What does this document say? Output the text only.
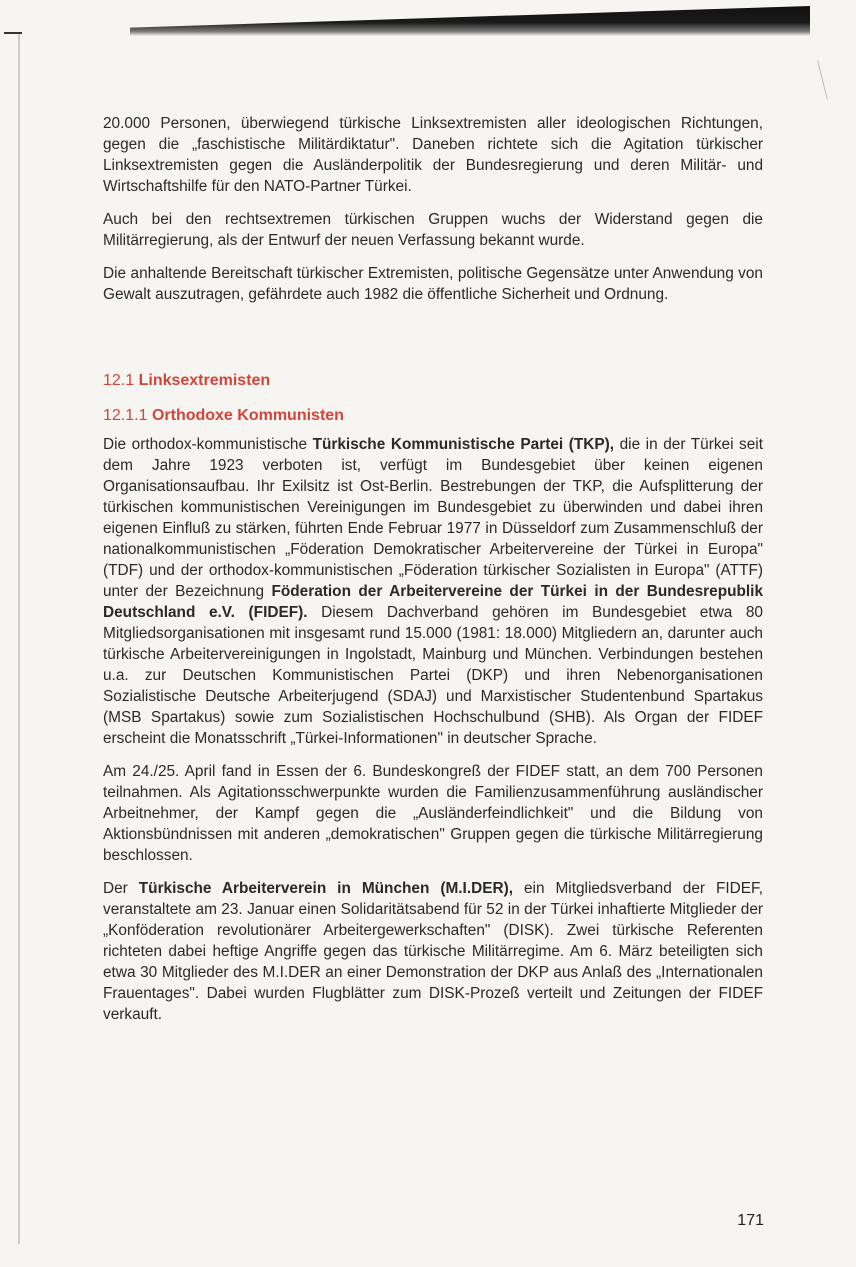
20.000 Personen, überwiegend türkische Linksextremisten aller ideologischen Richtungen, gegen die „faschistische Militärdiktatur". Daneben richtete sich die Agitation türkischer Linksextremisten gegen die Ausländerpolitik der Bundesregierung und deren Militär- und Wirtschaftshilfe für den NATO-Partner Türkei.

Auch bei den rechtsextremen türkischen Gruppen wuchs der Widerstand gegen die Militärregierung, als der Entwurf der neuen Verfassung bekannt wurde.

Die anhaltende Bereitschaft türkischer Extremisten, politische Gegensätze unter Anwendung von Gewalt auszutragen, gefährdete auch 1982 die öffentliche Sicherheit und Ordnung.

12.1 Linksextremisten
12.1.1 Orthodoxe Kommunisten

Die orthodox-kommunistische Türkische Kommunistische Partei (TKP), die in der Türkei seit dem Jahre 1923 verboten ist, verfügt im Bundesgebiet über keinen eigenen Organisationsaufbau. Ihr Exilsitz ist Ost-Berlin. Bestrebungen der TKP, die Aufsplitterung der türkischen kommunistischen Vereinigungen im Bundesgebiet zu überwinden und dabei ihren eigenen Einfluß zu stärken, führten Ende Februar 1977 in Düsseldorf zum Zusammenschluß der nationalkommunistischen „Föderation Demokratischer Arbeitervereine der Türkei in Europa" (TDF) und der orthodox-kommunistischen „Föderation türkischer Sozialisten in Europa" (ATTF) unter der Bezeichnung Föderation der Arbeitervereine der Türkei in der Bundesrepublik Deutschland e.V. (FIDEF). Diesem Dachverband gehören im Bundesgebiet etwa 80 Mitgliedsorganisationen mit insgesamt rund 15.000 (1981: 18.000) Mitgliedern an, darunter auch türkische Arbeitervereinigungen in Ingolstadt, Mainburg und München. Verbindungen bestehen u.a. zur Deutschen Kommunistischen Partei (DKP) und ihren Nebenorganisationen Sozialistische Deutsche Arbeiterjugend (SDAJ) und Marxistischer Studentenbund Spartakus (MSB Spartakus) sowie zum Sozialistischen Hochschulbund (SHB). Als Organ der FIDEF erscheint die Monatsschrift „Türkei-Informationen" in deutscher Sprache.

Am 24./25. April fand in Essen der 6. Bundeskongreß der FIDEF statt, an dem 700 Personen teilnahmen. Als Agitationsschwerpunkte wurden die Familienzusammenführung ausländischer Arbeitnehmer, der Kampf gegen die „Ausländerfeindlichkeit" und die Bildung von Aktionsbündnissen mit anderen „demokratischen" Gruppen gegen die türkische Militärregierung beschlossen.

Der Türkische Arbeiterverein in München (M.I.DER), ein Mitgliedsverband der FIDEF, veranstaltete am 23. Januar einen Solidaritätsabend für 52 in der Türkei inhaftierte Mitglieder der „Konföderation revolutionärer Arbeitergewerkschaften" (DISK). Zwei türkische Referenten richteten dabei heftige Angriffe gegen das türkische Militärregime. Am 6. März beteiligten sich etwa 30 Mitglieder des M.I.DER an einer Demonstration der DKP aus Anlaß des „Internationalen Frauentages". Dabei wurden Flugblätter zum DISK-Prozeß verteilt und Zeitungen der FIDEF verkauft.

171
